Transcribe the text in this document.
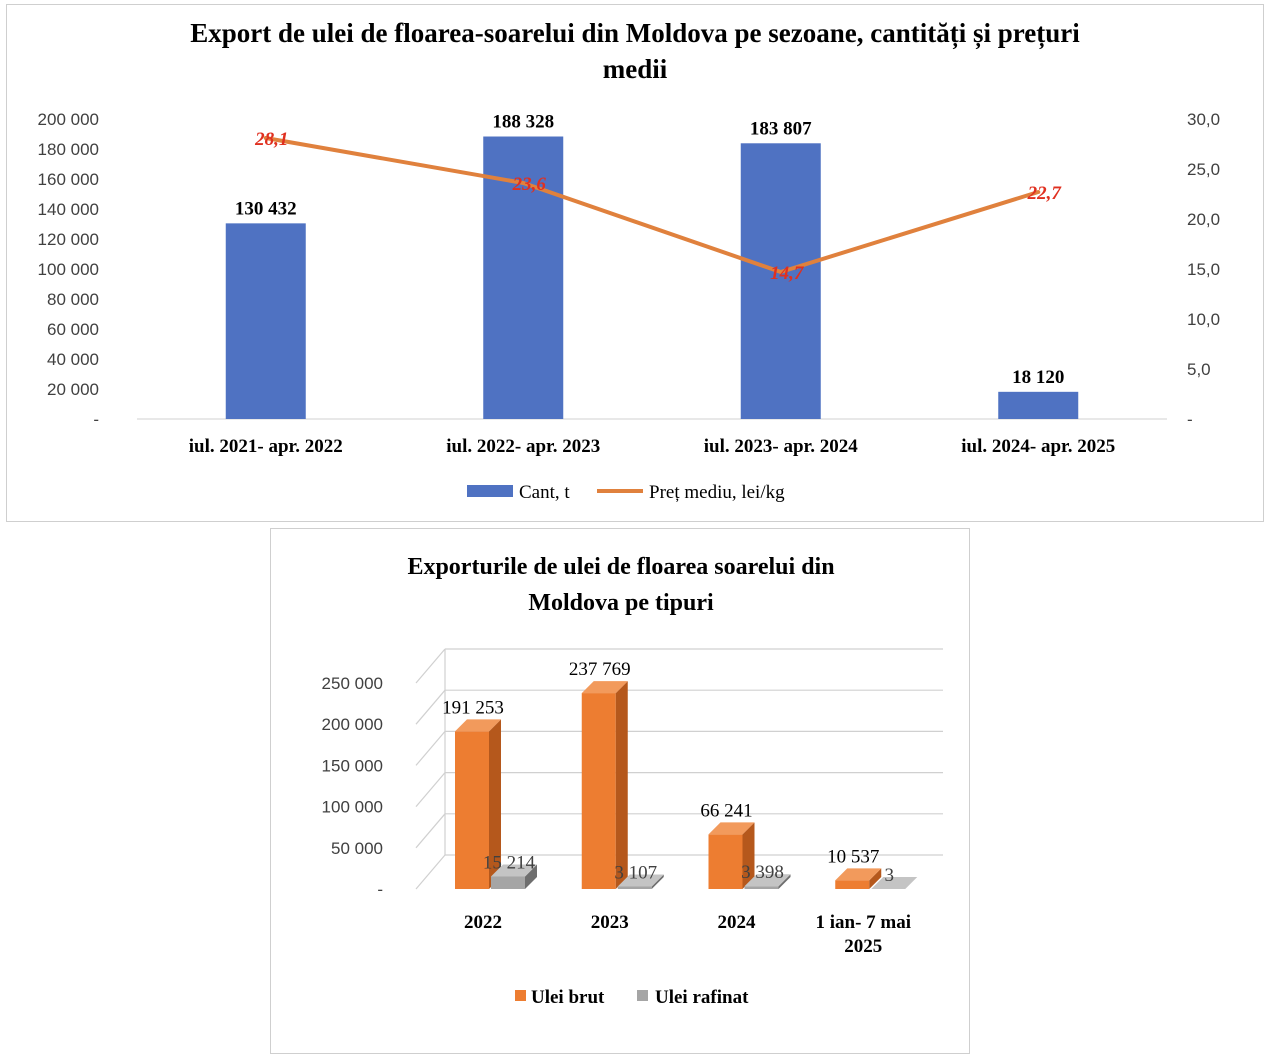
Export de ulei de floarea-soarelui din Moldova pe sezoane, cantități și prețuri
medii
-
20 000
40 000
60 000
80 000
100 000
120 000
140 000
160 000
180 000
200 000
-
5,0
10,0
15,0
20,0
25,0
30,0
130 432
188 328	183 807
18 120
28,1
23,6
14,7
22,7
iul. 2021- apr. 2022	iul. 2022- apr. 2023	iul. 2023- apr. 2024	iul. 2024- apr. 2025
Cant, t	Preț mediu, lei/kg
Exporturile de ulei de floarea soarelui din
Moldova pe tipuri
-
50 000
100 000
150 000
200 000
250 000
191 253
15 214
2022
237 769
3 107
2023
66 241
3 398
2024
10 537
3
1 ian- 7 mai
2025
Ulei brut	Ulei rafinat
